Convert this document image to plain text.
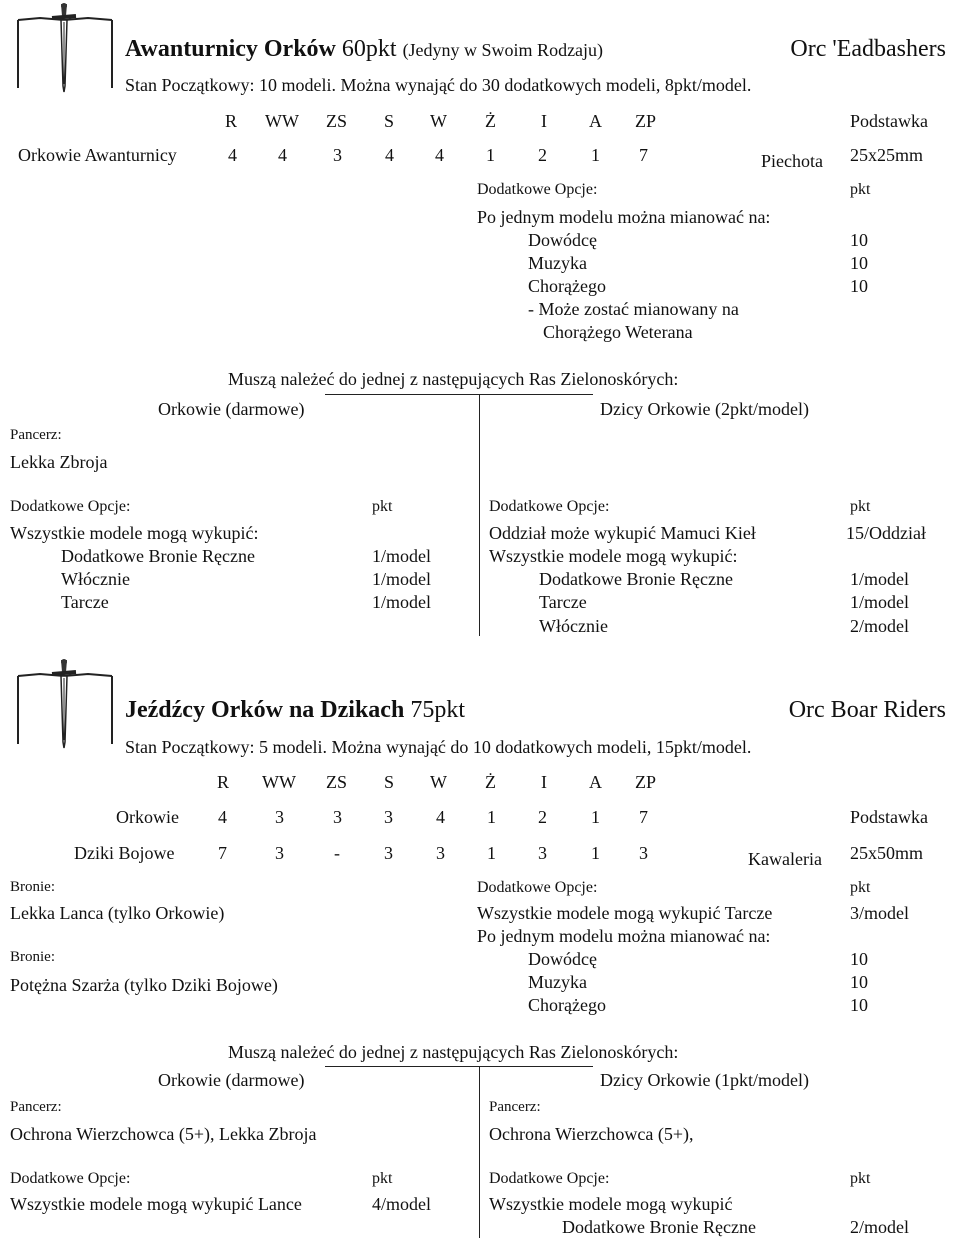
Awanturnicy Orków 60pkt (Jedyny w Swoim Rodzaju)	Orc 'Eadbashers
Stan Początkowy: 10 modeli. Można wynająć do 30 dodatkowych modeli, 8pkt/model.
R WW ZS S W Ż	I A ZP	Podstawka
Orkowie Awanturnicy	4 4	3 4 4 1 2 1 7	Piechota 25x25mm
Dodatkowe Opcje:	pkt
Po jednym modelu można mianować na:
Dowódcę	10
Muzyka	10
Chorążego	10
- Może zostać mianowany na
Chorążego Weterana
Muszą należeć do jednej z następujących Ras Zielonoskórych:
Orkowie (darmowe)	Dzicy Orkowie (2pkt/model)
Pancerz:
Lekka Zbroja
Dodatkowe Opcje:	pkt
Wszystkie modele mogą wykupić:
Dodatkowe Bronie Ręczne	1/model
Włócznie	1/model
Tarcze	1/model
Dodatkowe Opcje:	pkt
Oddział może wykupić Mamuci Kieł	15/Oddział
Wszystkie modele mogą wykupić:
Dodatkowe Bronie Ręczne	1/model
Tarcze	1/model
Włócznie	2/model
Jeźdźcy Orków na Dzikach 75pkt	Orc Boar Riders
Stan Początkowy: 5 modeli. Można wynająć do 10 dodatkowych modeli, 15pkt/model.
R WW ZS S W Ż	I A ZP
Orkowie 4	3	3 3 4 1 2 1 7	Podstawka
Dziki Bojowe 7	3	- 3 3 1 3 1 3	Kawaleria 25x50mm
Bronie:
Lekka Lanca (tylko Orkowie)
Bronie:
Potężna Szarża (tylko Dziki Bojowe)
Dodatkowe Opcje:	pkt
Wszystkie modele mogą wykupić Tarcze	3/model
Po jednym modelu można mianować na:
Dowódcę	10
Muzyka	10
Chorążego	10
Muszą należeć do jednej z następujących Ras Zielonoskórych:
Orkowie (darmowe)	Dzicy Orkowie (1pkt/model)
Pancerz:
Ochrona Wierzchowca (5+), Lekka Zbroja
Pancerz:
Ochrona Wierzchowca (5+),
Dodatkowe Opcje:	pkt
Wszystkie modele mogą wykupić Lance	4/model
Dodatkowe Opcje:	pkt
Wszystkie modele mogą wykupić
Dodatkowe Bronie Ręczne	2/model
